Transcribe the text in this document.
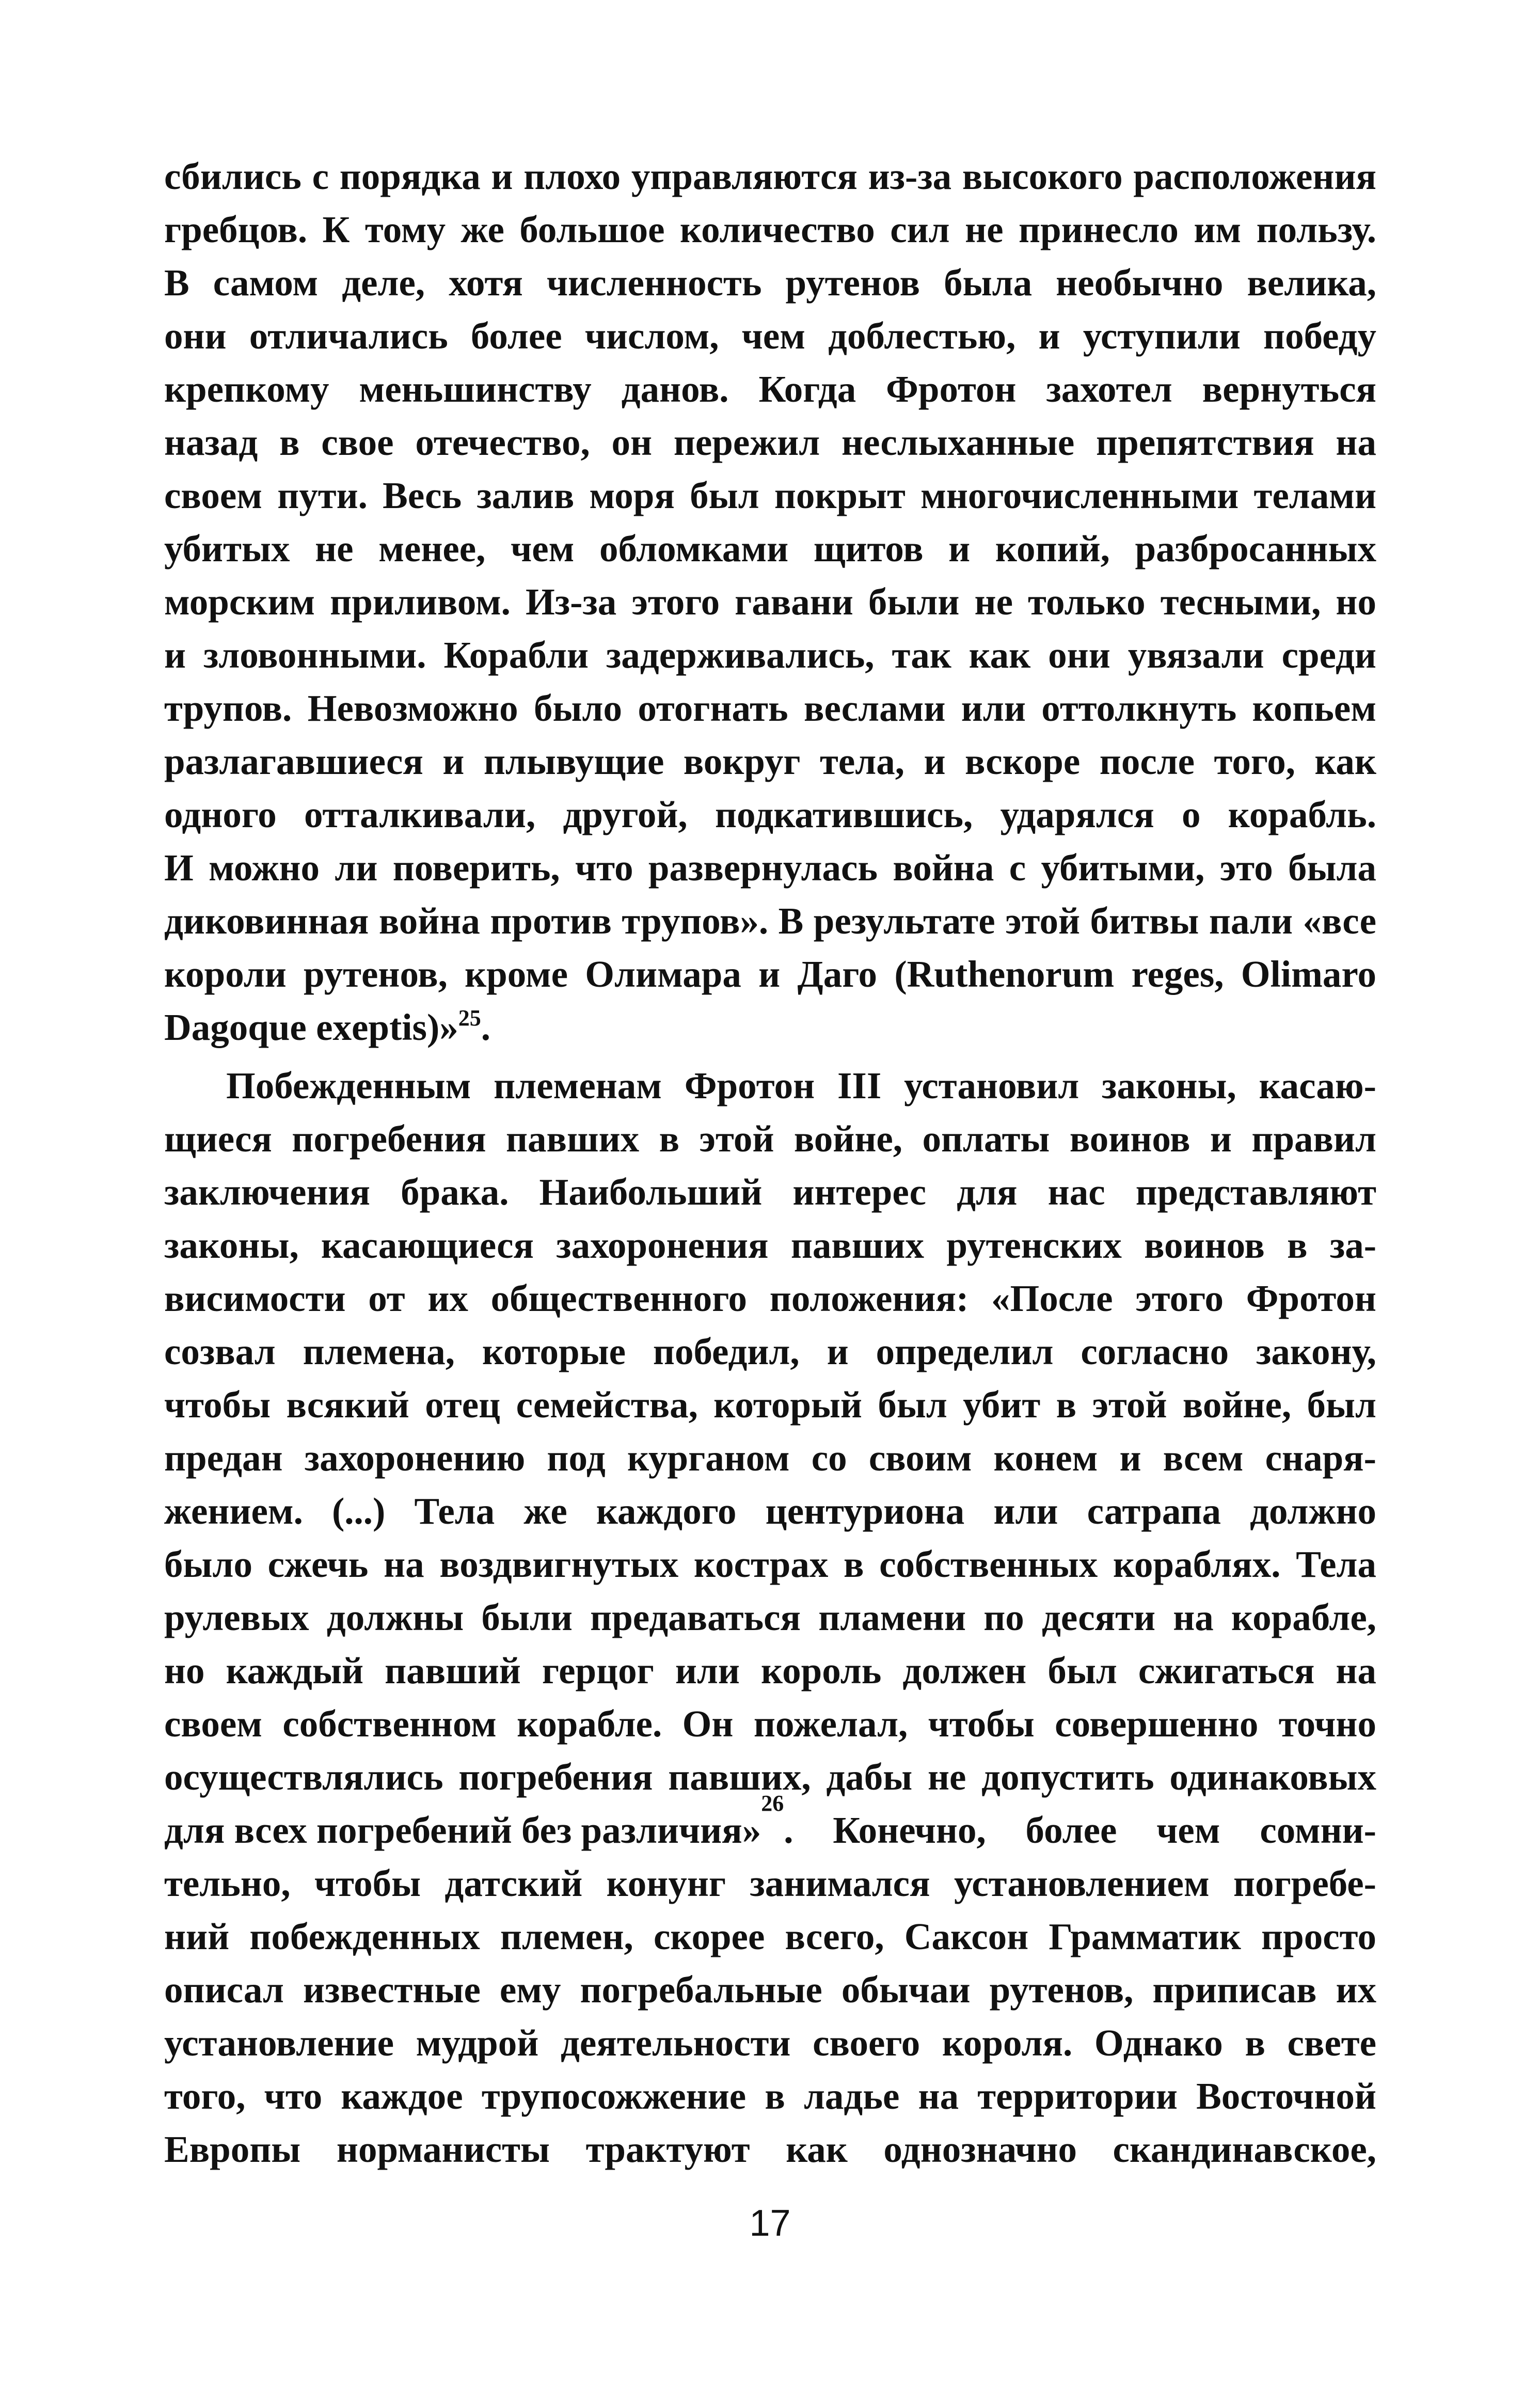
сбились с порядка и плохо управляются из-за высокого расположения
гребцов. К тому же большое количество сил не принесло им пользу.
В самом деле, хотя численность рутенов была необычно велика,
они отличались более числом, чем доблестью, и уступили победу
крепкому меньшинству данов. Когда Фротон захотел вернуться
назад в свое отечество, он пережил неслыханные препятствия на
своем пути. Весь залив моря был покрыт многочисленными телами
убитых не менее, чем обломками щитов и копий, разбросанных
морским приливом. Из-за этого гавани были не только тесными, но
и зловонными. Корабли задерживались, так как они увязали среди
трупов. Невозможно было отогнать веслами или оттолкнуть копьем
разлагавшиеся и плывущие вокруг тела, и вскоре после того, как
одного отталкивали, другой, подкатившись, ударялся о корабль.
И можно ли поверить, что развернулась война с убитыми, это была
диковинная война против трупов». В результате этой битвы пали «все
короли рутенов, кроме Олимара и Даго (Ruthenorum reges, Olimaro
Dagoque exeptis)»$^{25}$.
Побежденным племенам Фротон III установил законы, касаю-
щиеся погребения павших в этой войне, оплаты воинов и правил
заключения брака. Наибольший интерес для нас представляют
законы, касающиеся захоронения павших рутенских воинов в за-
висимости от их общественного положения: «После этого Фротон
созвал племена, которые победил, и определил согласно закону,
чтобы всякий отец семейства, который был убит в этой войне, был
предан захоронению под курганом со своим конем и всем снаря-
жением. (...) Тела же каждого центуриона или сатрапа должно
было сжечь на воздвигнутых кострах в собственных кораблях. Тела
рулевых должны были предаваться пламени по десяти на корабле,
но каждый павший герцог или король должен был сжигаться на
своем собственном корабле. Он пожелал, чтобы совершенно точно
осуществлялись погребения павших, дабы не допустить одинаковых
для всех погребений без различия»
26
. Конечно, более чем сомни-
тельно, чтобы датский конунг занимался установлением погребе-
ний побежденных племен, скорее всего, Саксон Грамматик просто
описал известные ему погребальные обычаи рутенов, приписав их
установление мудрой деятельности своего короля. Однако в свете
того, что каждое трупосожжение в ладье на территории Восточной
Европы норманисты трактуют как однозначно скандинавское,
17
